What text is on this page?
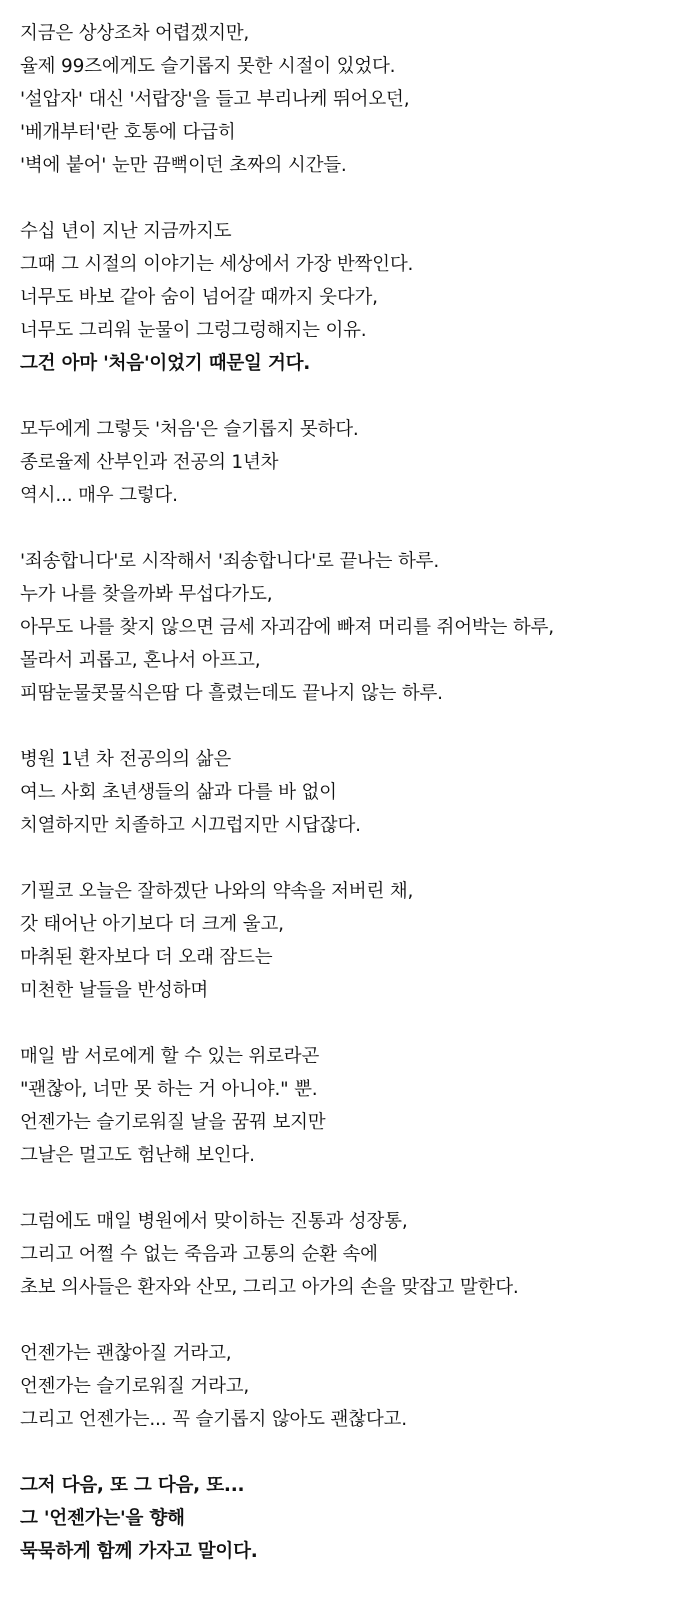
지금은 상상조차 어렵겠지만,
율제 99즈에게도 슬기롭지 못한 시절이 있었다.
'설압자' 대신 '서랍장'을 들고 부리나케 뛰어오던,
'베개부터'란 호통에 다급히
'벽에 붙어' 눈만 끔뻑이던 초짜의 시간들.
수십 년이 지난 지금까지도
그때 그 시절의 이야기는 세상에서 가장 반짝인다.
너무도 바보 같아 숨이 넘어갈 때까지 웃다가,
너무도 그리워 눈물이 그렁그렁해지는 이유.
그건 아마 '처음'이었기 때문일 거다.
모두에게 그렇듯 '처음'은 슬기롭지 못하다.
종로율제 산부인과 전공의 1년차
역시... 매우 그렇다.
'죄송합니다'로 시작해서 '죄송합니다'로 끝나는 하루.
누가 나를 찾을까봐 무섭다가도,
아무도 나를 찾지 않으면 금세 자괴감에 빠져 머리를 쥐어박는 하루,
몰라서 괴롭고, 혼나서 아프고,
피땀눈물콧물식은땀 다 흘렸는데도 끝나지 않는 하루.
병원 1년 차 전공의의 삶은
여느 사회 초년생들의 삶과 다를 바 없이
치열하지만 치졸하고 시끄럽지만 시답잖다.
기필코 오늘은 잘하겠단 나와의 약속을 저버린 채,
갓 태어난 아기보다 더 크게 울고,
마취된 환자보다 더 오래 잠드는
미천한 날들을 반성하며
매일 밤 서로에게 할 수 있는 위로라곤
"괜찮아, 너만 못 하는 거 아니야." 뿐.
언젠가는 슬기로워질 날을 꿈꿔 보지만
그날은 멀고도 험난해 보인다.
그럼에도 매일 병원에서 맞이하는 진통과 성장통,
그리고 어쩔 수 없는 죽음과 고통의 순환 속에
초보 의사들은 환자와 산모, 그리고 아가의 손을 맞잡고 말한다.
언젠가는 괜찮아질 거라고,
언젠가는 슬기로워질 거라고,
그리고 언젠가는... 꼭 슬기롭지 않아도 괜찮다고.
그저 다음, 또 그 다음, 또...
그 '언젠가는'을 향해
묵묵하게 함께 가자고 말이다.
